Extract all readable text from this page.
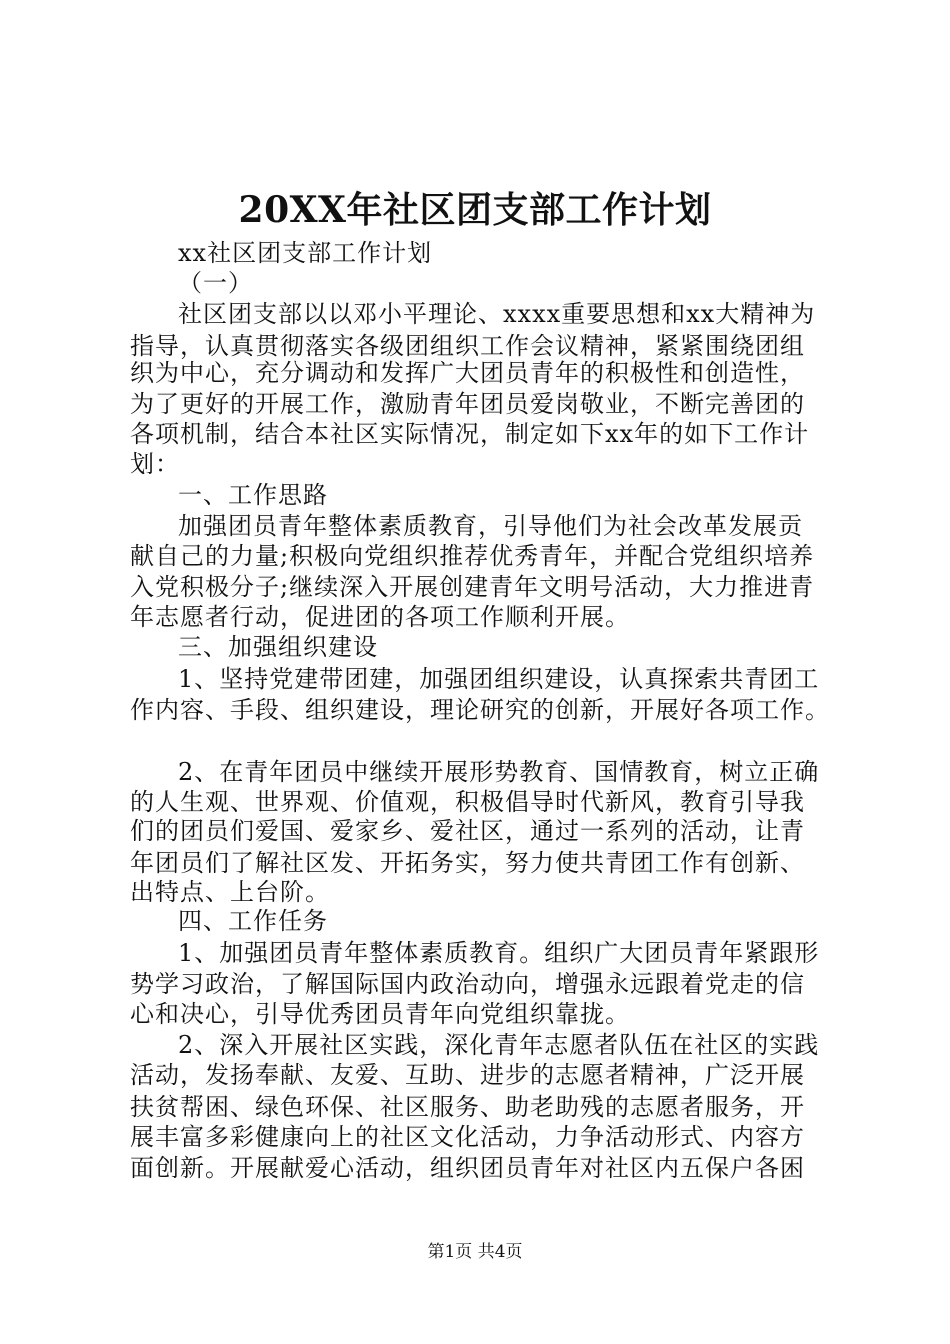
20XX年社区团支部工作计划
xx社区团支部工作计划
（一）
社区团支部以以邓小平理论、xxxx重要思想和xx大精神为
指导，认真贯彻落实各级团组织工作会议精神，紧紧围绕团组
织为中心，充分调动和发挥广大团员青年的积极性和创造性，
为了更好的开展工作，激励青年团员爱岗敬业，不断完善团的
各项机制，结合本社区实际情况，制定如下xx年的如下工作计
划：
一、工作思路
加强团员青年整体素质教育，引导他们为社会改革发展贡
献自己的力量;积极向党组织推荐优秀青年，并配合党组织培养
入党积极分子;继续深入开展创建青年文明号活动，大力推进青
年志愿者行动，促进团的各项工作顺利开展。
三、加强组织建设
1、坚持党建带团建，加强团组织建设，认真探索共青团工
作内容、手段、组织建设，理论研究的创新，开展好各项工作。
2、在青年团员中继续开展形势教育、国情教育，树立正确
的人生观、世界观、价值观，积极倡导时代新风，教育引导我
们的团员们爱国、爱家乡、爱社区，通过一系列的活动，让青
年团员们了解社区发、开拓务实，努力使共青团工作有创新、
出特点、上台阶。
四、工作任务
1、加强团员青年整体素质教育。组织广大团员青年紧跟形
势学习政治，了解国际国内政治动向，增强永远跟着党走的信
心和决心，引导优秀团员青年向党组织靠拢。
2、深入开展社区实践，深化青年志愿者队伍在社区的实践
活动，发扬奉献、友爱、互助、进步的志愿者精神，广泛开展
扶贫帮困、绿色环保、社区服务、助老助残的志愿者服务，开
展丰富多彩健康向上的社区文化活动，力争活动形式、内容方
面创新。开展献爱心活动，组织团员青年对社区内五保户各困
第1页 共4页
